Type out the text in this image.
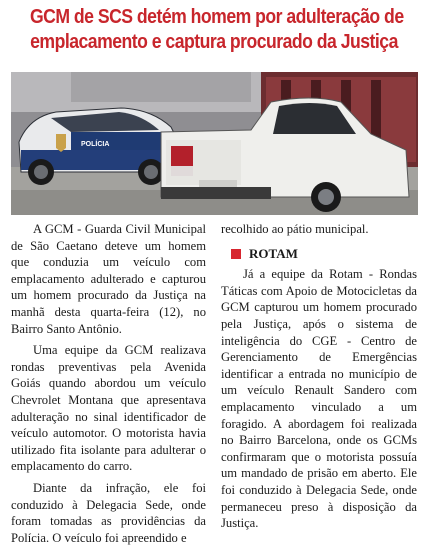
GCM de SCS detém homem por adulteração de
emplacamento e captura procurado da Justiça
POLÍCIA

A GCM - Guarda Civil Municipal de São Caetano deteve um homem que conduzia um veículo com emplacamento adulterado e capturou um homem procurado da Justiça na manhã desta quarta-feira (12), no Bairro Santo Antônio.

Uma equipe da GCM realizava rondas preventivas pela Avenida Goiás quando abordou um veículo Chevrolet Montana que apresentava adulteração no sinal identificador de veículo automotor. O motorista havia utilizado fita isolante para adulterar o emplacamento do carro.

Diante da infração, ele foi conduzido à Delegacia Sede, onde foram tomadas as providências da Polícia. O veículo foi apreendido e

recolhido ao pátio municipal.

ROTAM

Já a equipe da Rotam - Rondas Táticas com Apoio de Motocicletas da GCM capturou um homem procurado pela Justiça, após o sistema de inteligência do CGE - Centro de Gerenciamento de Emergências identificar a entrada no município de um veículo Renault Sandero com emplacamento vinculado a um foragido. A abordagem foi realizada no Bairro Barcelona, onde os GCMs confirmaram que o motorista possuía um mandado de prisão em aberto. Ele foi conduzido à Delegacia Sede, onde permaneceu preso à disposição da Justiça.
